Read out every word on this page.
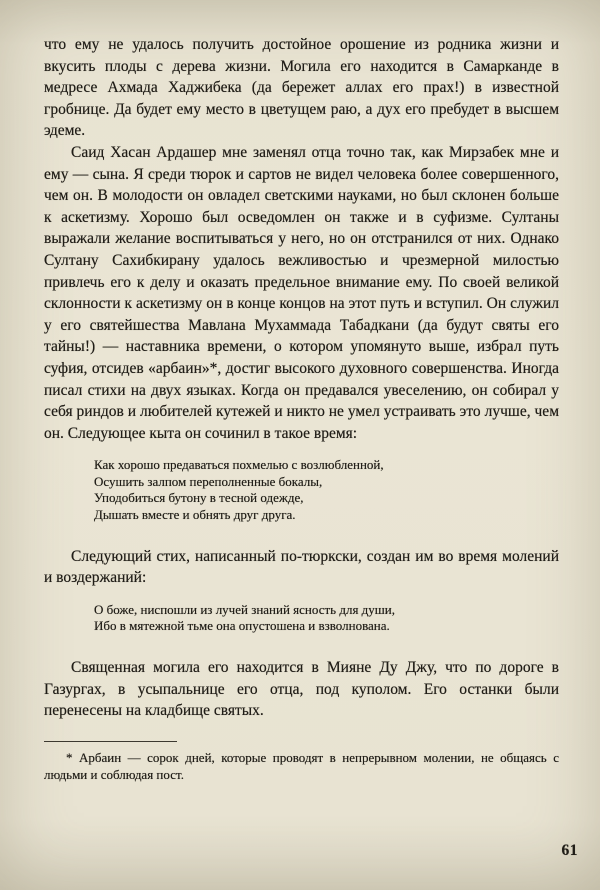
что ему не удалось получить достойное орошение из родника жизни и вкусить плоды с дерева жизни. Могила его находится в Самарканде в медресе Ахмада Хаджибека (да бережет аллах его прах!) в известной гробнице. Да будет ему место в цветущем раю, а дух его пребудет в высшем эдеме.

Саид Хасан Ардашер мне заменял отца точно так, как Мирзабек мне и ему — сына. Я среди тюрок и сартов не видел человека более совершенного, чем он. В молодости он овладел светскими науками, но был склонен больше к аскетизму. Хорошо был осведомлен он также и в суфизме. Султаны выражали желание воспитываться у него, но он отстранился от них. Однако Султану Сахибкирану удалось вежливостью и чрезмерной милостью привлечь его к делу и оказать предельное внимание ему. По своей великой склонности к аскетизму он в конце концов на этот путь и вступил. Он служил у его святейшества Мавлана Мухаммада Табадкани (да будут святы его тайны!) — наставника времени, о котором упомянуто выше, избрал путь суфия, отсидев «арбаин»*, достиг высокого духовного совершенства. Иногда писал стихи на двух языках. Когда он предавался увеселению, он собирал у себя риндов и любителей кутежей и никто не умел устраивать это лучше, чем он. Следующее кыта он сочинил в такое время:

Как хорошо предаваться похмелью с возлюбленной,
Осушить залпом переполненные бокалы,
Уподобиться бутону в тесной одежде,
Дышать вместе и обнять друг друга.

Следующий стих, написанный по-тюркски, создан им во время молений и воздержаний:

О боже, ниспошли из лучей знаний ясность для души,
Ибо в мятежной тьме она опустошена и взволнована.

Священная могила его находится в Мияне Ду Джу, что по дороге в Газургах, в усыпальнице его отца, под куполом. Его останки были перенесены на кладбище святых.

* Арбаин — сорок дней, которые проводят в непрерывном молении, не общаясь с людьми и соблюдая пост.

61
